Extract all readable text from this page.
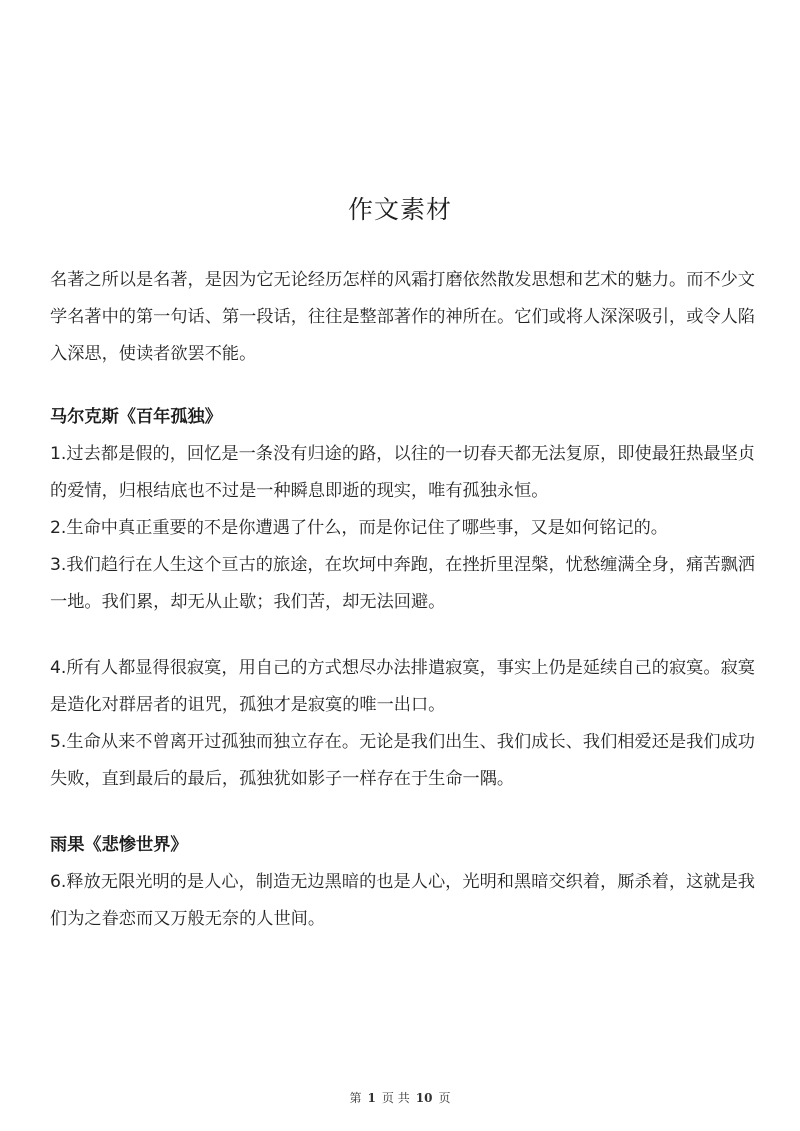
作文素材

名著之所以是名著，是因为它无论经历怎样的风霜打磨依然散发思想和艺术的魅力。而不少文学名著中的第一句话、第一段话，往往是整部著作的神所在。它们或将人深深吸引，或令人陷入深思，使读者欲罢不能。

马尔克斯《百年孤独》

1.过去都是假的，回忆是一条没有归途的路，以往的一切春天都无法复原，即使最狂热最坚贞的爱情，归根结底也不过是一种瞬息即逝的现实，唯有孤独永恒。

2.生命中真正重要的不是你遭遇了什么，而是你记住了哪些事，又是如何铭记的。

3.我们趋行在人生这个亘古的旅途，在坎坷中奔跑，在挫折里涅槃，忧愁缠满全身，痛苦飘洒一地。我们累，却无从止歇；我们苦，却无法回避。

4.所有人都显得很寂寞，用自己的方式想尽办法排遣寂寞，事实上仍是延续自己的寂寞。寂寞是造化对群居者的诅咒，孤独才是寂寞的唯一出口。

5.生命从来不曾离开过孤独而独立存在。无论是我们出生、我们成长、我们相爱还是我们成功失败，直到最后的最后，孤独犹如影子一样存在于生命一隅。

雨果《悲惨世界》

6.释放无限光明的是人心，制造无边黑暗的也是人心，光明和黑暗交织着，厮杀着，这就是我们为之眷恋而又万般无奈的人世间。

第 1 页 共 10 页
